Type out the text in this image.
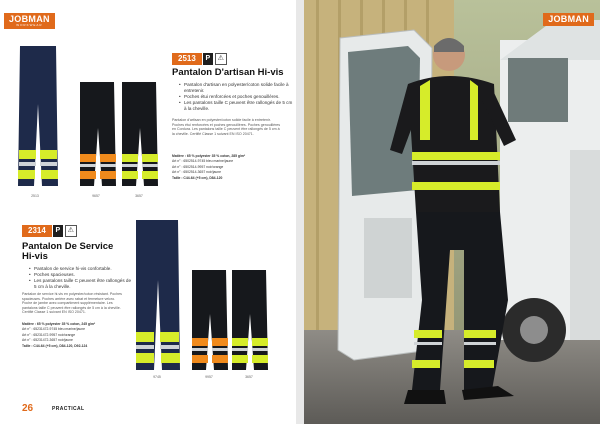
JOBMAN
WORKWEAR
2513	9657	3657
2513	P	⚠
Pantalon D'artisan Hi-vis
• Pantalon d'artisan en polyester/coton solide facile à entretenir.
• Poches étui renforcées et poches genouillères.
• Les pantalons taille C peuvent être rallongés de 5 cm à la cheville.
Pantalon d'artisan en polyester/coton solide facile à entretenir. Poches étui renforcées et poches genouillères. Poches genouillères en Cordura. Les pantalons taille C peuvent être rallongés de 5 cm à la cheville. Certifié Classe 1 suivant EN ISO 20471.
Matière : 65 % polyester 35 % coton, 285 g/m²
Art n° : 6502514-9745 bleu marine/jaune
Art n° : 6502514-9957 noir/orange
Art n° : 6502514-3657 noir/jaune
Taille : C44-64 (+5 cm), D84-120
2314	P	⚠
Pantalon De Service
Hi-vis
• Pantalon de service hi-vis confortable.
• Poches spacieuses.
• Les pantalons taille C peuvent être rallongés de 5 cm à la cheville.
Pantalon de service hi-vis en polyester/coton résistant. Poches spacieuses. Poches arrière avec rabat et fermeture velcro. Poche de jambe avec compartiment supplémentaire. Les pantalons taille C peuvent être rallongés de 5 cm à la cheville. Certifié Classe 1 suivant EN ISO 20471.
Matière : 65 % polyester 35 % coton, 245 g/m²
Art n° : 65231472-9745 bleu marine/jaune
Art n° : 65231472-9957 noir/orange
Art n° : 65231472-3657 noir/jaune
Taille : C44-64 (+5 cm), D84-120, D92-124
9745	9957	3657
26	PRACTICAL
JOBMAN
